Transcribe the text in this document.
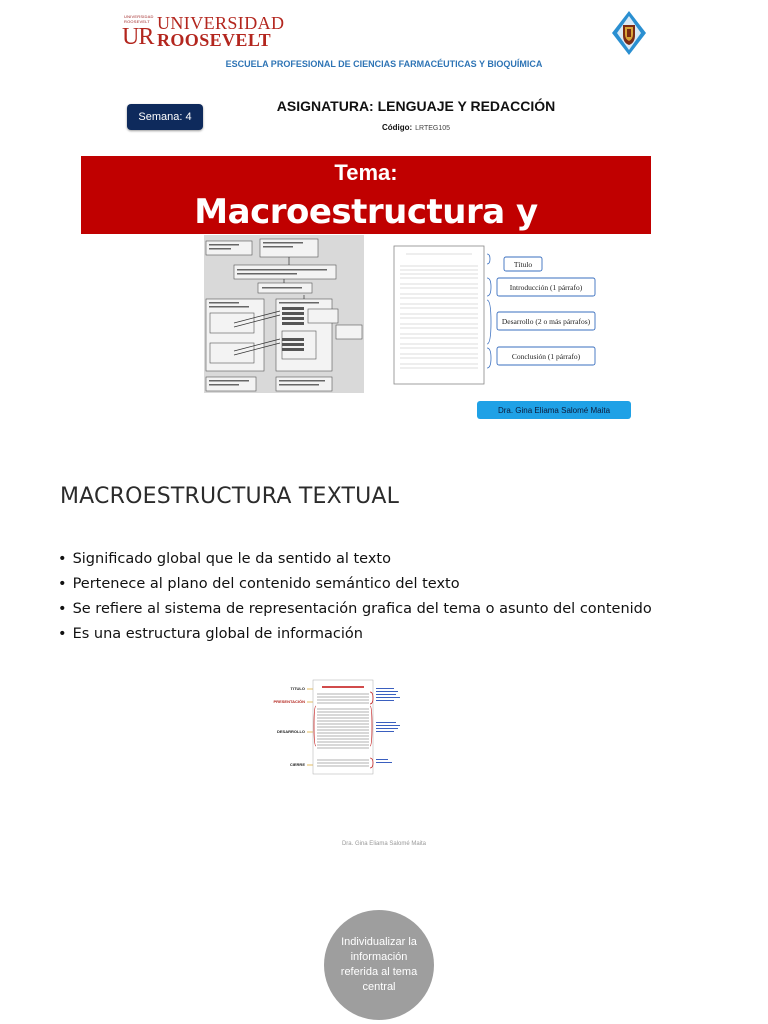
UNIVERSIDAD ROOSEVELT
UR
UNIVERSIDAD
ROOSEVELT
ESCUELA PROFESIONAL DE CIENCIAS FARMACÉUTICAS Y BIOQUÍMICA
Semana: 4
ASIGNATURA: LENGUAJE Y REDACCIÓN
Código: LRTEG105
Tema:
Macroestructura y
Título
Introducción (1 párrafo)
Desarrollo (2 o más párrafos)
Conclusión (1 párrafo)
Dra. Gina Eliama Salomé Maita
MACROESTRUCTURA TEXTUAL
• Significado global que le da sentido al texto
• Pertenece al plano del contenido semántico del texto
• Se refiere al sistema de representación grafica del tema o asunto del contenido
• Es una estructura global de información
TITULO
PRESENTACIÓN
DESARROLLO
CIERRE
Dra. Gina Eliama Salomé Maita
Individualizar la información referida al tema central
